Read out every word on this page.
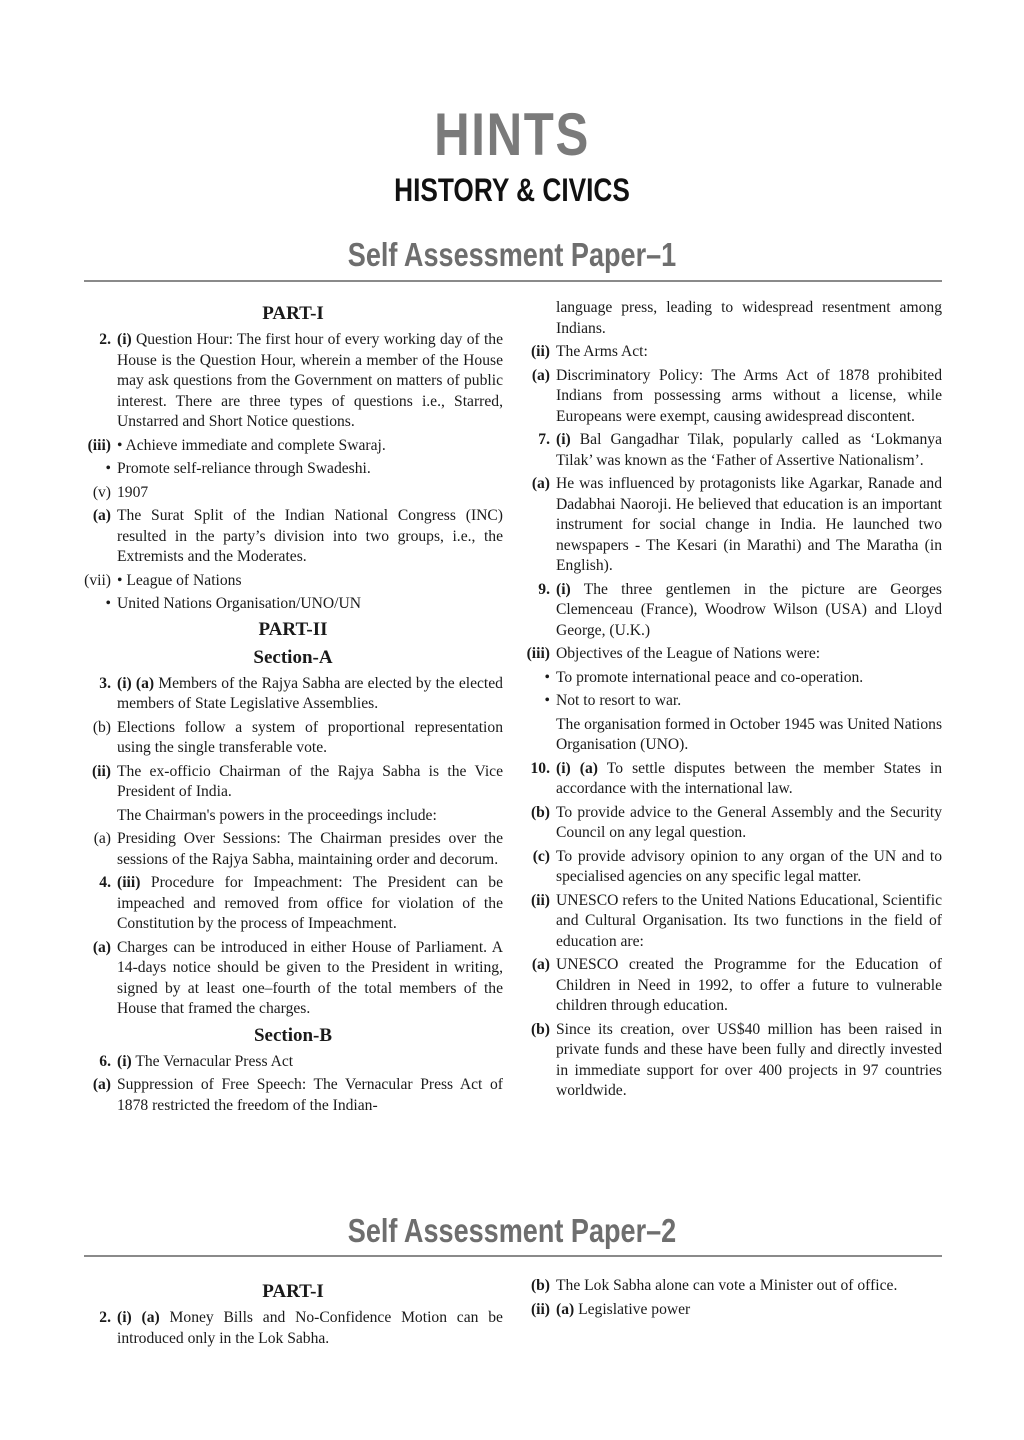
HINTS
HISTORY & CIVICS
Self Assessment Paper–1
PART-I
2. (i) Question Hour: The first hour of every working day of the House is the Question Hour, wherein a member of the House may ask questions from the Government on matters of public interest. There are three types of questions i.e., Starred, Unstarred and Short Notice questions.
(iii) • Achieve immediate and complete Swaraj.
• Promote self-reliance through Swadeshi.
(v) 1907
(a) The Surat Split of the Indian National Congress (INC) resulted in the party’s division into two groups, i.e., the Extremists and the Moderates.
(vii) • League of Nations
• United Nations Organisation/UNO/UN
PART-II
Section-A
3. (i) (a) Members of the Rajya Sabha are elected by the elected members of State Legislative Assemblies.
(b) Elections follow a system of proportional representation using the single transferable vote.
(ii) The ex-officio Chairman of the Rajya Sabha is the Vice President of India.
The Chairman's powers in the proceedings include:
(a) Presiding Over Sessions: The Chairman presides over the sessions of the Rajya Sabha, maintaining order and decorum.
4. (iii) Procedure for Impeachment: The President can be impeached and removed from office for violation of the Constitution by the process of Impeachment.
(a) Charges can be introduced in either House of Parliament. A 14-days notice should be given to the President in writing, signed by at least one–fourth of the total members of the House that framed the charges.
Section-B
6. (i) The Vernacular Press Act
(a) Suppression of Free Speech: The Vernacular Press Act of 1878 restricted the freedom of the Indian-
language press, leading to widespread resentment among Indians.
(ii) The Arms Act:
(a) Discriminatory Policy: The Arms Act of 1878 prohibited Indians from possessing arms without a license, while Europeans were exempt, causing awidespread discontent.
7. (i) Bal Gangadhar Tilak, popularly called as ‘Lokmanya Tilak’ was known as the ‘Father of Assertive Nationalism’.
(a) He was influenced by protagonists like Agarkar, Ranade and Dadabhai Naoroji. He believed that education is an important instrument for social change in India. He launched two newspapers - The Kesari (in Marathi) and The Maratha (in English).
9. (i) The three gentlemen in the picture are Georges Clemenceau (France), Woodrow Wilson (USA) and Lloyd George, (U.K.)
(iii) Objectives of the League of Nations were:
• To promote international peace and co-operation.
• Not to resort to war.
The organisation formed in October 1945 was United Nations Organisation (UNO).
10. (i) (a) To settle disputes between the member States in accordance with the international law.
(b) To provide advice to the General Assembly and the Security Council on any legal question.
(c) To provide advisory opinion to any organ of the UN and to specialised agencies on any specific legal matter.
(ii) UNESCO refers to the United Nations Educational, Scientific and Cultural Organisation. Its two functions in the field of education are:
(a) UNESCO created the Programme for the Education of Children in Need in 1992, to offer a future to vulnerable children through education.
(b) Since its creation, over US$40 million has been raised in private funds and these have been fully and directly invested in immediate support for over 400 projects in 97 countries worldwide.
Self Assessment Paper–2
PART-I
2. (i) (a) Money Bills and No-Confidence Motion can be introduced only in the Lok Sabha.
(b) The Lok Sabha alone can vote a Minister out of office.
(ii) (a) Legislative power
